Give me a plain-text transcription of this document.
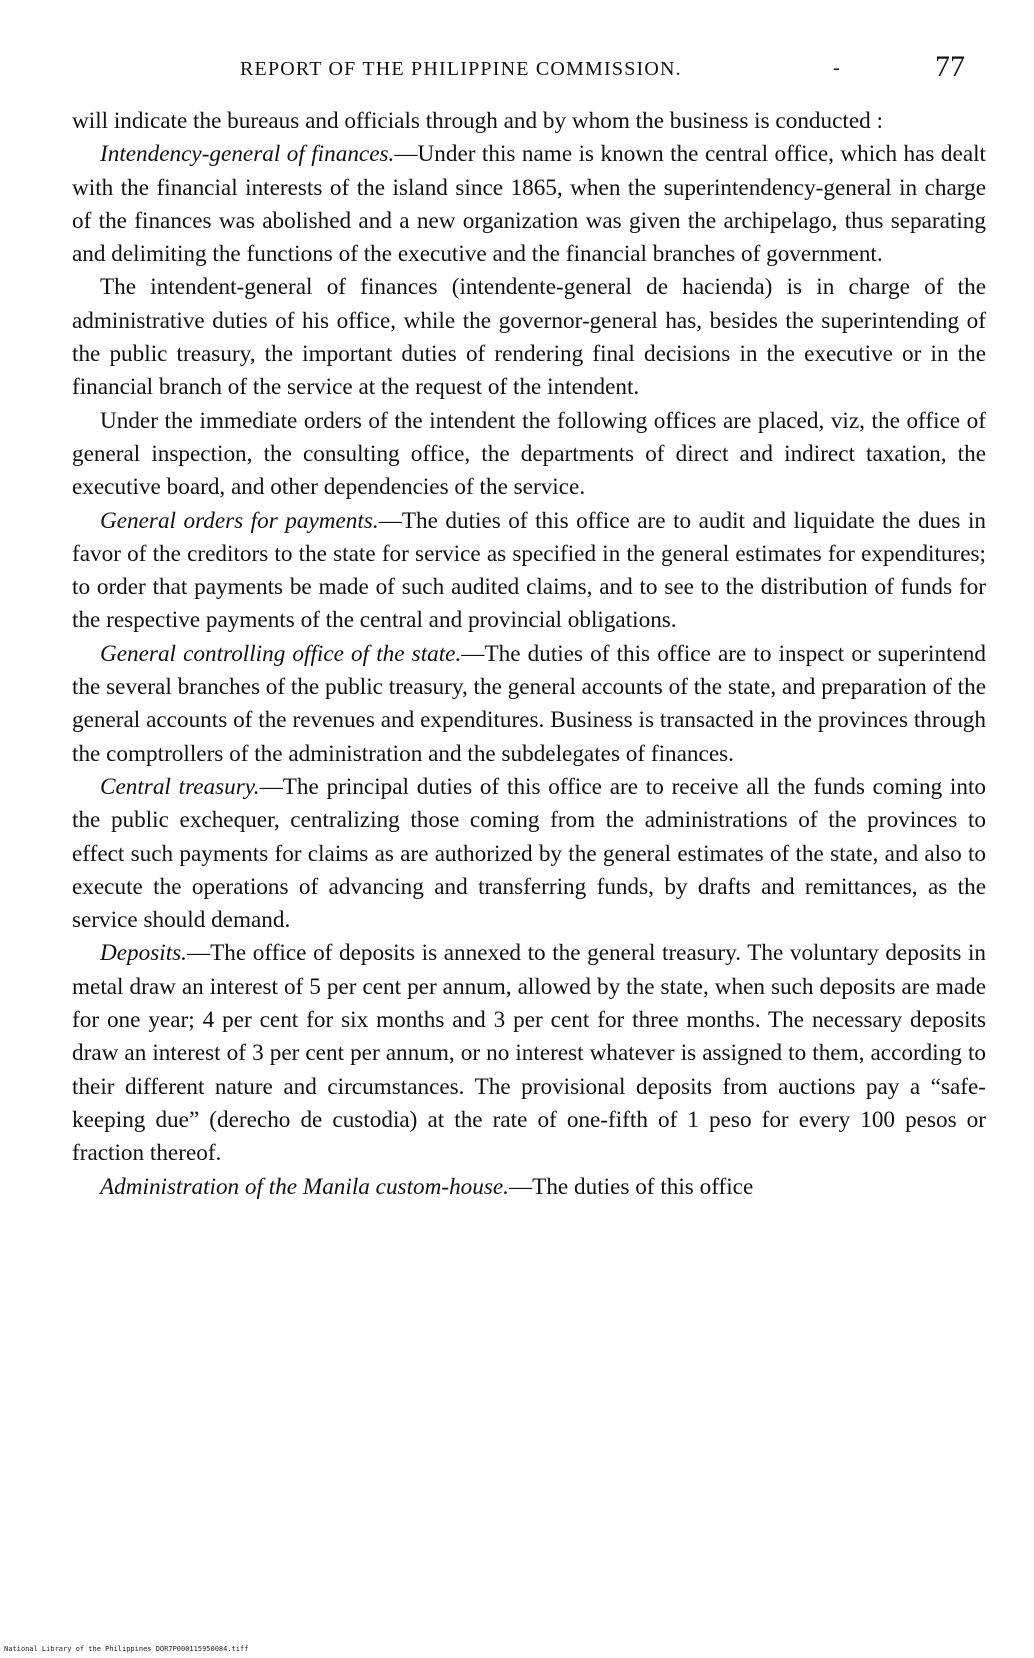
REPORT OF THE PHILIPPINE COMMISSION.	-	77

will indicate the bureaus and officials through and by whom the business is conducted :

Intendency-general of finances.—Under this name is known the central office, which has dealt with the financial interests of the island since 1865, when the superintendency-general in charge of the finances was abolished and a new organization was given the archipelago, thus separating and delimiting the functions of the executive and the financial branches of government.

The intendent-general of finances (intendente-general de hacienda) is in charge of the administrative duties of his office, while the governor-general has, besides the superintending of the public treasury, the important duties of rendering final decisions in the executive or in the financial branch of the service at the request of the intendent.

Under the immediate orders of the intendent the following offices are placed, viz, the office of general inspection, the consulting office, the departments of direct and indirect taxation, the executive board, and other dependencies of the service.

General orders for payments.—The duties of this office are to audit and liquidate the dues in favor of the creditors to the state for service as specified in the general estimates for expenditures; to order that payments be made of such audited claims, and to see to the distribution of funds for the respective payments of the central and provincial obligations.

General controlling office of the state.—The duties of this office are to inspect or superintend the several branches of the public treasury, the general accounts of the state, and preparation of the general accounts of the revenues and expenditures. Business is transacted in the provinces through the comptrollers of the administration and the subdelegates of finances.

Central treasury.—The principal duties of this office are to receive all the funds coming into the public exchequer, centralizing those coming from the administrations of the provinces to effect such payments for claims as are authorized by the general estimates of the state, and also to execute the operations of advancing and transferring funds, by drafts and remittances, as the service should demand.

Deposits.—The office of deposits is annexed to the general treasury. The voluntary deposits in metal draw an interest of 5 per cent per annum, allowed by the state, when such deposits are made for one year; 4 per cent for six months and 3 per cent for three months. The necessary deposits draw an interest of 3 per cent per annum, or no interest whatever is assigned to them, according to their different nature and circumstances. The provisional deposits from auctions pay a “safe-keeping due” (derecho de custodia) at the rate of one-fifth of 1 peso for every 100 pesos or fraction thereof.

Administration of the Manila custom-house.—The duties of this office

National Library of the Philippines DOR7P000115950084.tiff
